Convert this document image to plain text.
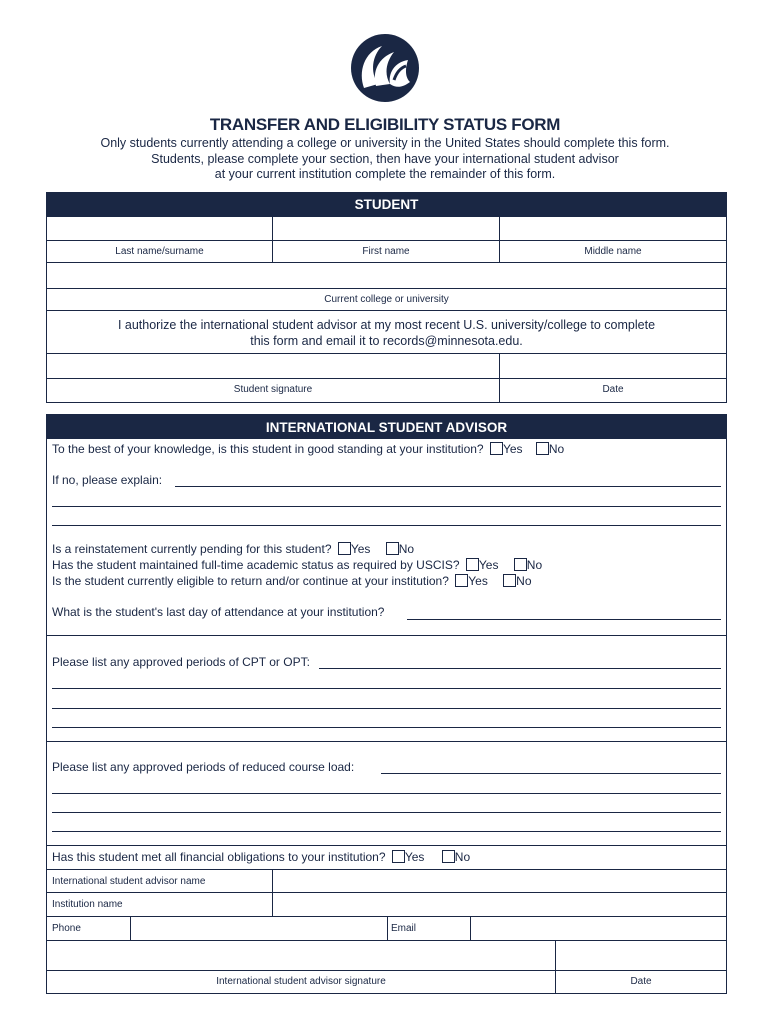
TRANSFER AND ELIGIBILITY STATUS FORM
Only students currently attending a college or university in the United States should complete this form.
Students, please complete your section, then have your international student advisor
at your current institution complete the remainder of this form.
STUDENT
Last name/surname	First name	Middle name
Current college or university
I authorize the international student advisor at my most recent U.S. university/college to complete
this form and email it to records@minnesota.edu.
Student signature	Date
INTERNATIONAL STUDENT ADVISOR
To the best of your knowledge, is this student in good standing at your institution? Yes No
If no, please explain:
Is a reinstatement currently pending for this student? Yes No
Has the student maintained full-time academic status as required by USCIS? Yes No
Is the student currently eligible to return and/or continue at your institution? Yes No
What is the student's last day of attendance at your institution?
Please list any approved periods of CPT or OPT:
Please list any approved periods of reduced course load:
Has this student met all financial obligations to your institution? Yes	No
International student advisor name
Institution name
Phone	Email
International student advisor signature	Date
